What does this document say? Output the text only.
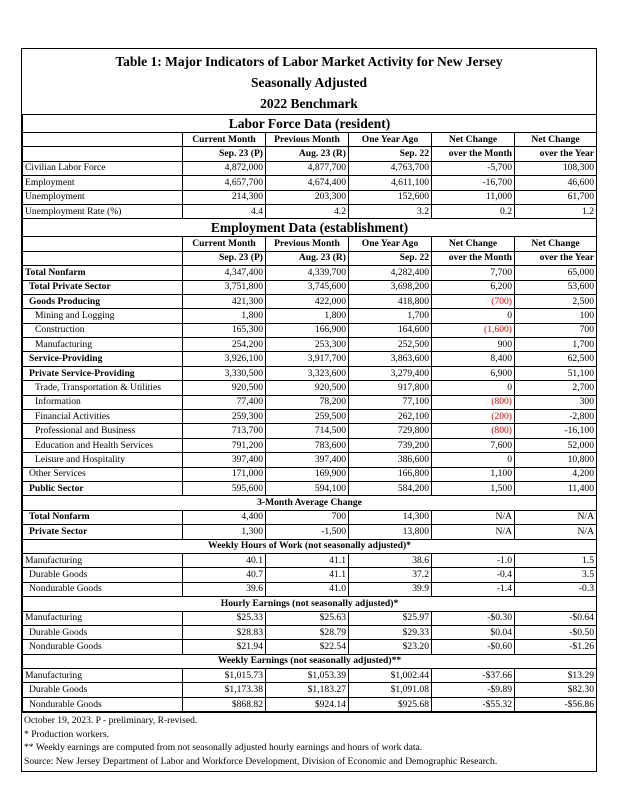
Table 1: Major Indicators of Labor Market Activity for New Jersey
Seasonally Adjusted
2022 Benchmark
Labor Force Data (resident)					
	Current Month	Previous Month	One Year Ago	Net Change	Net Change
	Sep. 23 (P)	Aug. 23 (R)	Sep. 22	over the Month	over the Year
Civilian Labor Force	4,872,000	4,877,700	4,763,700	-5,700	108,300
Employment	4,657,700	4,674,400	4,611,100	-16,700	46,600
Unemployment	214,300	203,300	152,600	11,000	61,700
Unemployment Rate (%)	4.4	4.2	3.2	0.2	1.2
Employment Data (establishment)					
	Current Month	Previous Month	One Year Ago	Net Change	Net Change
	Sep. 23 (P)	Aug. 23 (R)	Sep. 22	over the Month	over the Year
Total Nonfarm	4,347,400	4,339,700	4,282,400	7,700	65,000
Total Private Sector	3,751,800	3,745,600	3,698,200	6,200	53,600
Goods Producing	421,300	422,000	418,800	(700)	2,500
Mining and Logging	1,800	1,800	1,700	0	100
Construction	165,300	166,900	164,600	(1,600)	700
Manufacturing	254,200	253,300	252,500	900	1,700
Service-Providing	3,926,100	3,917,700	3,863,600	8,400	62,500
Private Service-Providing	3,330,500	3,323,600	3,279,400	6,900	51,100
Trade, Transportation & Utilities	920,500	920,500	917,800	0	2,700
Information	77,400	78,200	77,100	(800)	300
Financial Activities	259,300	259,500	262,100	(200)	-2,800
Professional and Business	713,700	714,500	729,800	(800)	-16,100
Education and Health Services	791,200	783,600	739,200	7,600	52,000
Leisure and Hospitality	397,400	397,400	386,600	0	10,800
Other Services	171,000	169,900	166,800	1,100	4,200
Public Sector	595,600	594,100	584,200	1,500	11,400
3-Month Average Change					
Total Nonfarm	4,400	700	14,300	N/A	N/A
Private Sector	1,300	-1,500	13,800	N/A	N/A
Weekly Hours of Work (not seasonally adjusted)*					
Manufacturing	40.1	41.1	38.6	-1.0	1.5
Durable Goods	40.7	41.1	37.2	-0.4	3.5
Nondurable Goods	39.6	41.0	39.9	-1.4	-0.3
Hourly Earnings (not seasonally adjusted)*					
Manufacturing	$25.33	$25.63	$25.97	-$0.30	-$0.64
Durable Goods	$28.83	$28.79	$29.33	$0.04	-$0.50
Nondurable Goods	$21.94	$22.54	$23.20	-$0.60	-$1.26
Weekly Earnings (not seasonally adjusted)**					
Manufacturing	$1,015.73	$1,053.39	$1,002.44	-$37.66	$13.29
Durable Goods	$1,173.38	$1,183.27	$1,091.08	-$9.89	$82.30
Nondurable Goods	$868.82	$924.14	$925.68	-$55.32	-$56.86
October 19, 2023. P - preliminary, R-revised.
* Production workers.
** Weekly earnings are computed from not seasonally adjusted hourly earnings and hours of work data.
Source: New Jersey Department of Labor and Workforce Development, Division of Economic and Demographic Research.
